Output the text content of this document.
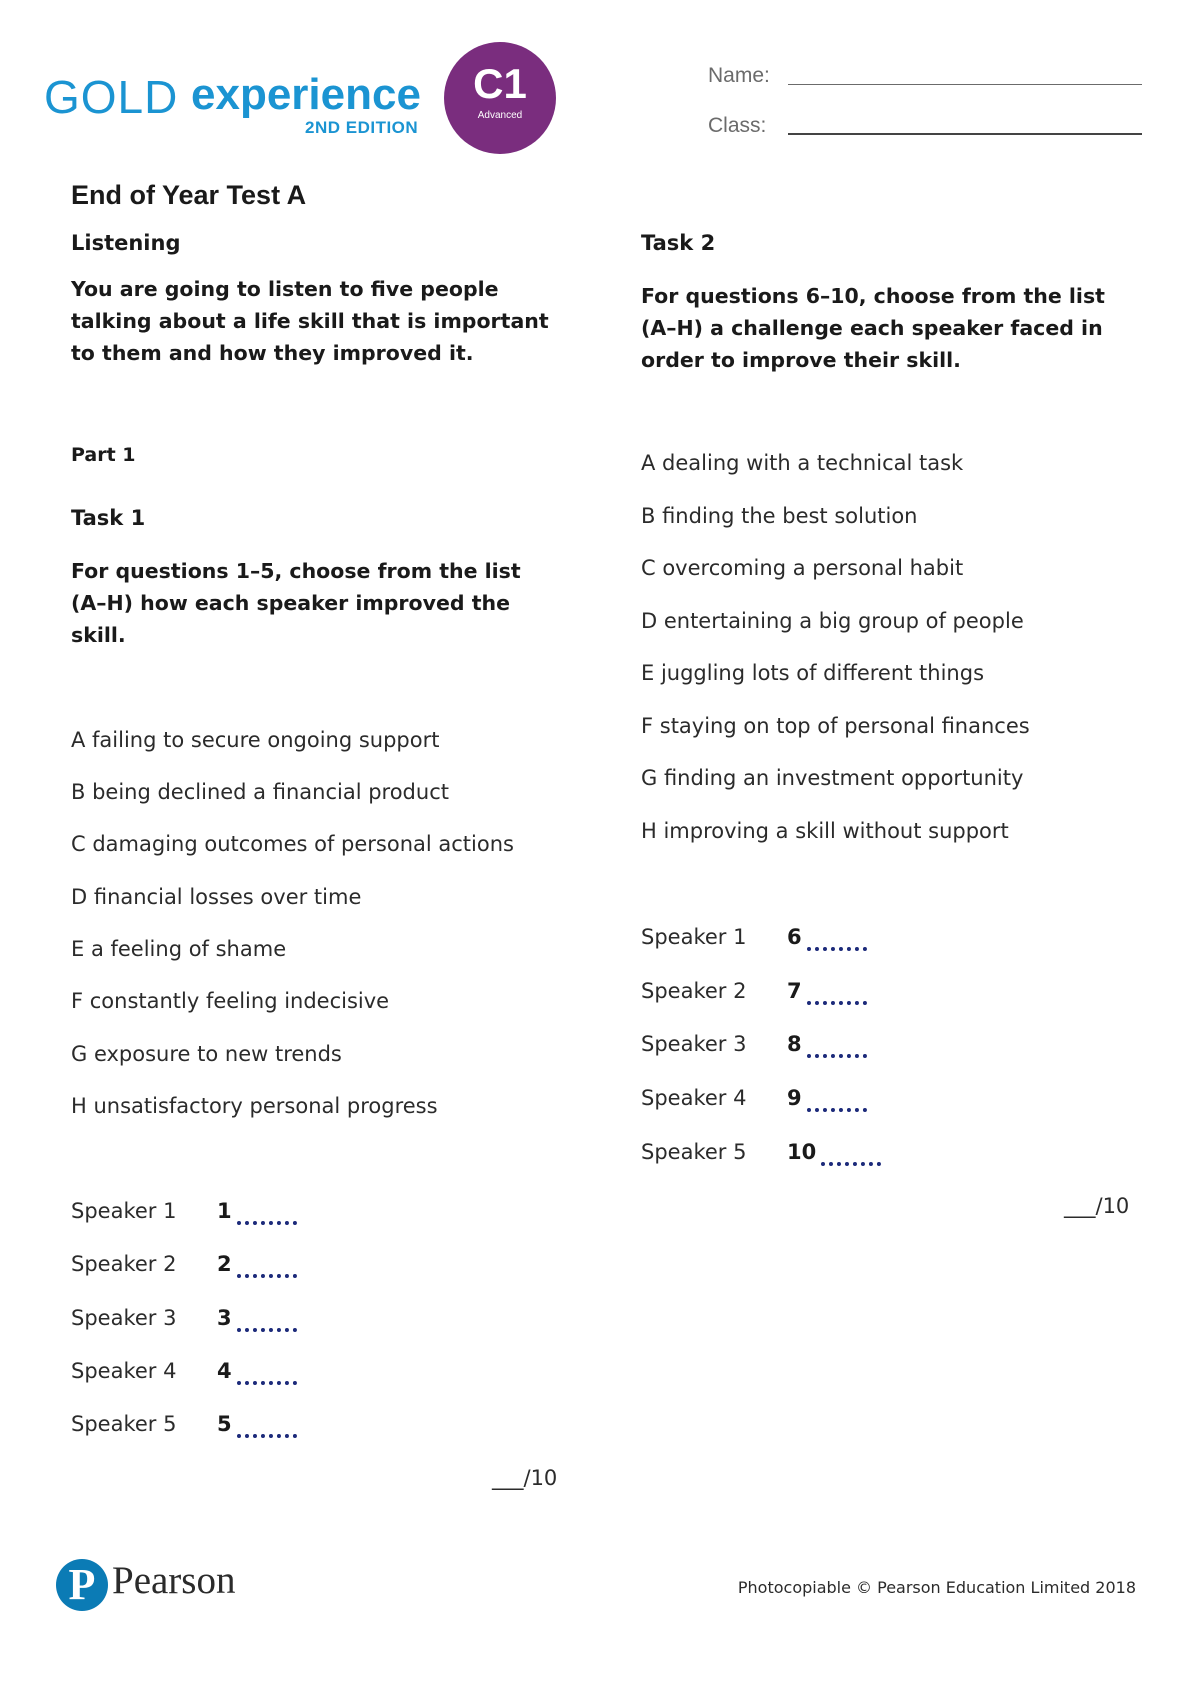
GOLD experience
2ND EDITION
C1
Advanced
Name:
Class:
End of Year Test A
Listening
You are going to listen to five people talking about a life skill that is important to them and how they improved it.
Part 1
Task 1
For questions 1–5, choose from the list (A–H) how each speaker improved the skill.
A failing to secure ongoing support
B being declined a financial product
C damaging outcomes of personal actions
D financial losses over time
E a feeling of shame
F constantly feeling indecisive
G exposure to new trends
H unsatisfactory personal progress
Speaker 1 1
Speaker 2 2
Speaker 3 3
Speaker 4 4
Speaker 5 5
___/10
Task 2
For questions 6–10, choose from the list (A–H) a challenge each speaker faced in order to improve their skill.
A dealing with a technical task
B finding the best solution
C overcoming a personal habit
D entertaining a big group of people
E juggling lots of different things
F staying on top of personal finances
G finding an investment opportunity
H improving a skill without support
Speaker 1 6
Speaker 2 7
Speaker 3 8
Speaker 4 9
Speaker 5 10
___/10
P Pearson	Photocopiable © Pearson Education Limited 2018
